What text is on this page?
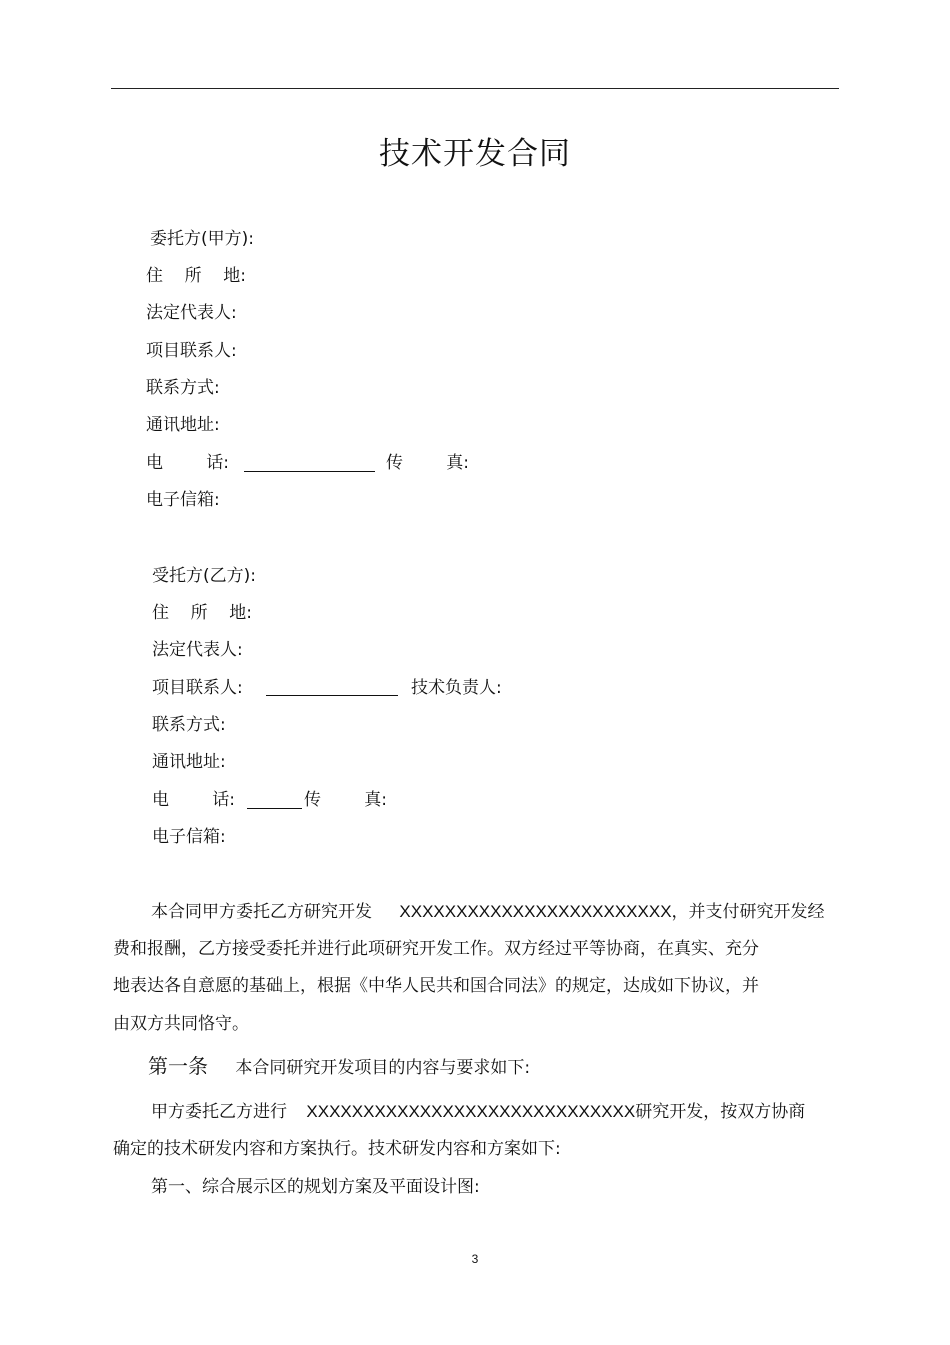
技术开发合同
委托方(甲方):
住    所    地:
法定代表人:
项目联系人:
联系方式:
通讯地址:
电        话:	传        真:
电子信箱:
受托方(乙方):
住    所    地:
法定代表人:
项目联系人:	技术负责人:
联系方式:
通讯地址:
电        话:	传        真:
电子信箱:
本合同甲方委托乙方研究开发 XXXXXXXXXXXXXXXXXXXXXXXX，并支付研究开发经
费和报酬，乙方接受委托并进行此项研究开发工作。双方经过平等协商，在真实、充分
地表达各自意愿的基础上，根据《中华人民共和国合同法》的规定，达成如下协议，并
由双方共同恪守。
第一条 本合同研究开发项目的内容与要求如下:
甲方委托乙方进行 XXXXXXXXXXXXXXXXXXXXXXXXXXXXX研究开发，按双方协商
确定的技术研发内容和方案执行。技术研发内容和方案如下:
第一、综合展示区的规划方案及平面设计图:
3
